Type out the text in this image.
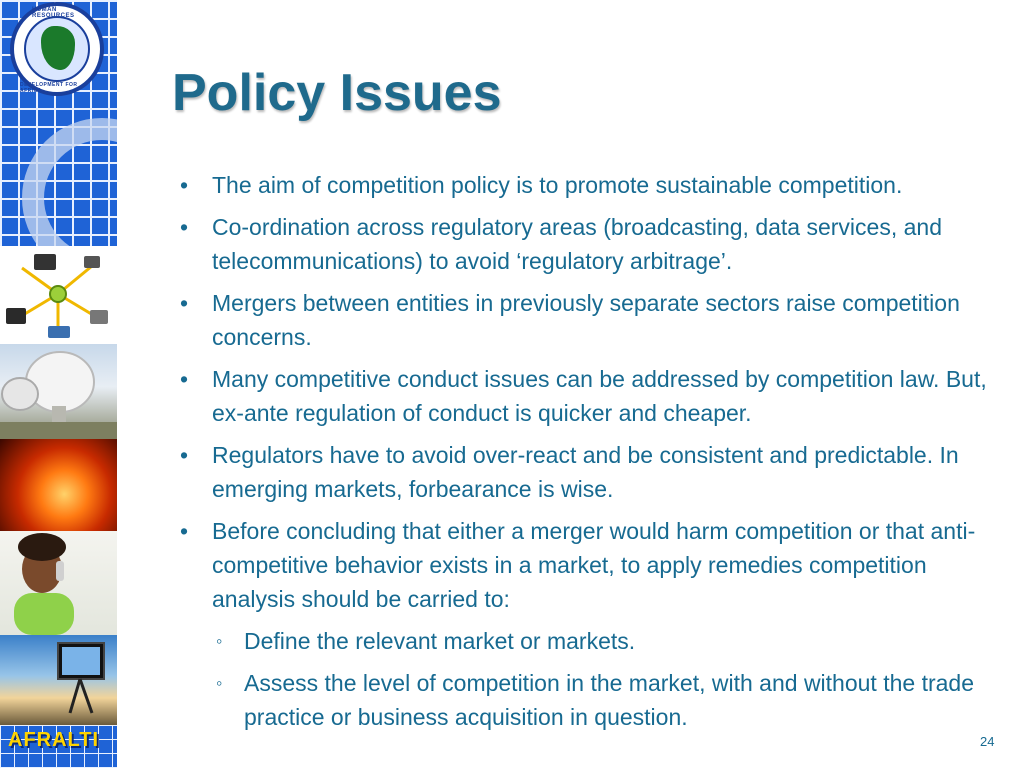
HUMAN RESOURCES
DEVELOPMENT FOR AFRICA
AFRALTI
Policy Issues
• The aim of competition policy is to promote sustainable competition.
• Co-ordination across regulatory areas (broadcasting, data services, and telecommunications) to avoid ‘regulatory arbitrage’.
• Mergers between entities in previously separate sectors raise competition concerns.
• Many competitive conduct issues can be addressed by competition law. But, ex-ante regulation of conduct is quicker and cheaper.
• Regulators have to avoid over-react and be consistent and predictable. In emerging markets, forbearance is wise.
• Before concluding that either a merger would harm competition or that anti-competitive behavior exists in a market, to apply remedies competition analysis should be carried to:
◦ Define the relevant market or markets.
◦ Assess the level of competition in the market, with and without the trade practice or business acquisition in question.
24
